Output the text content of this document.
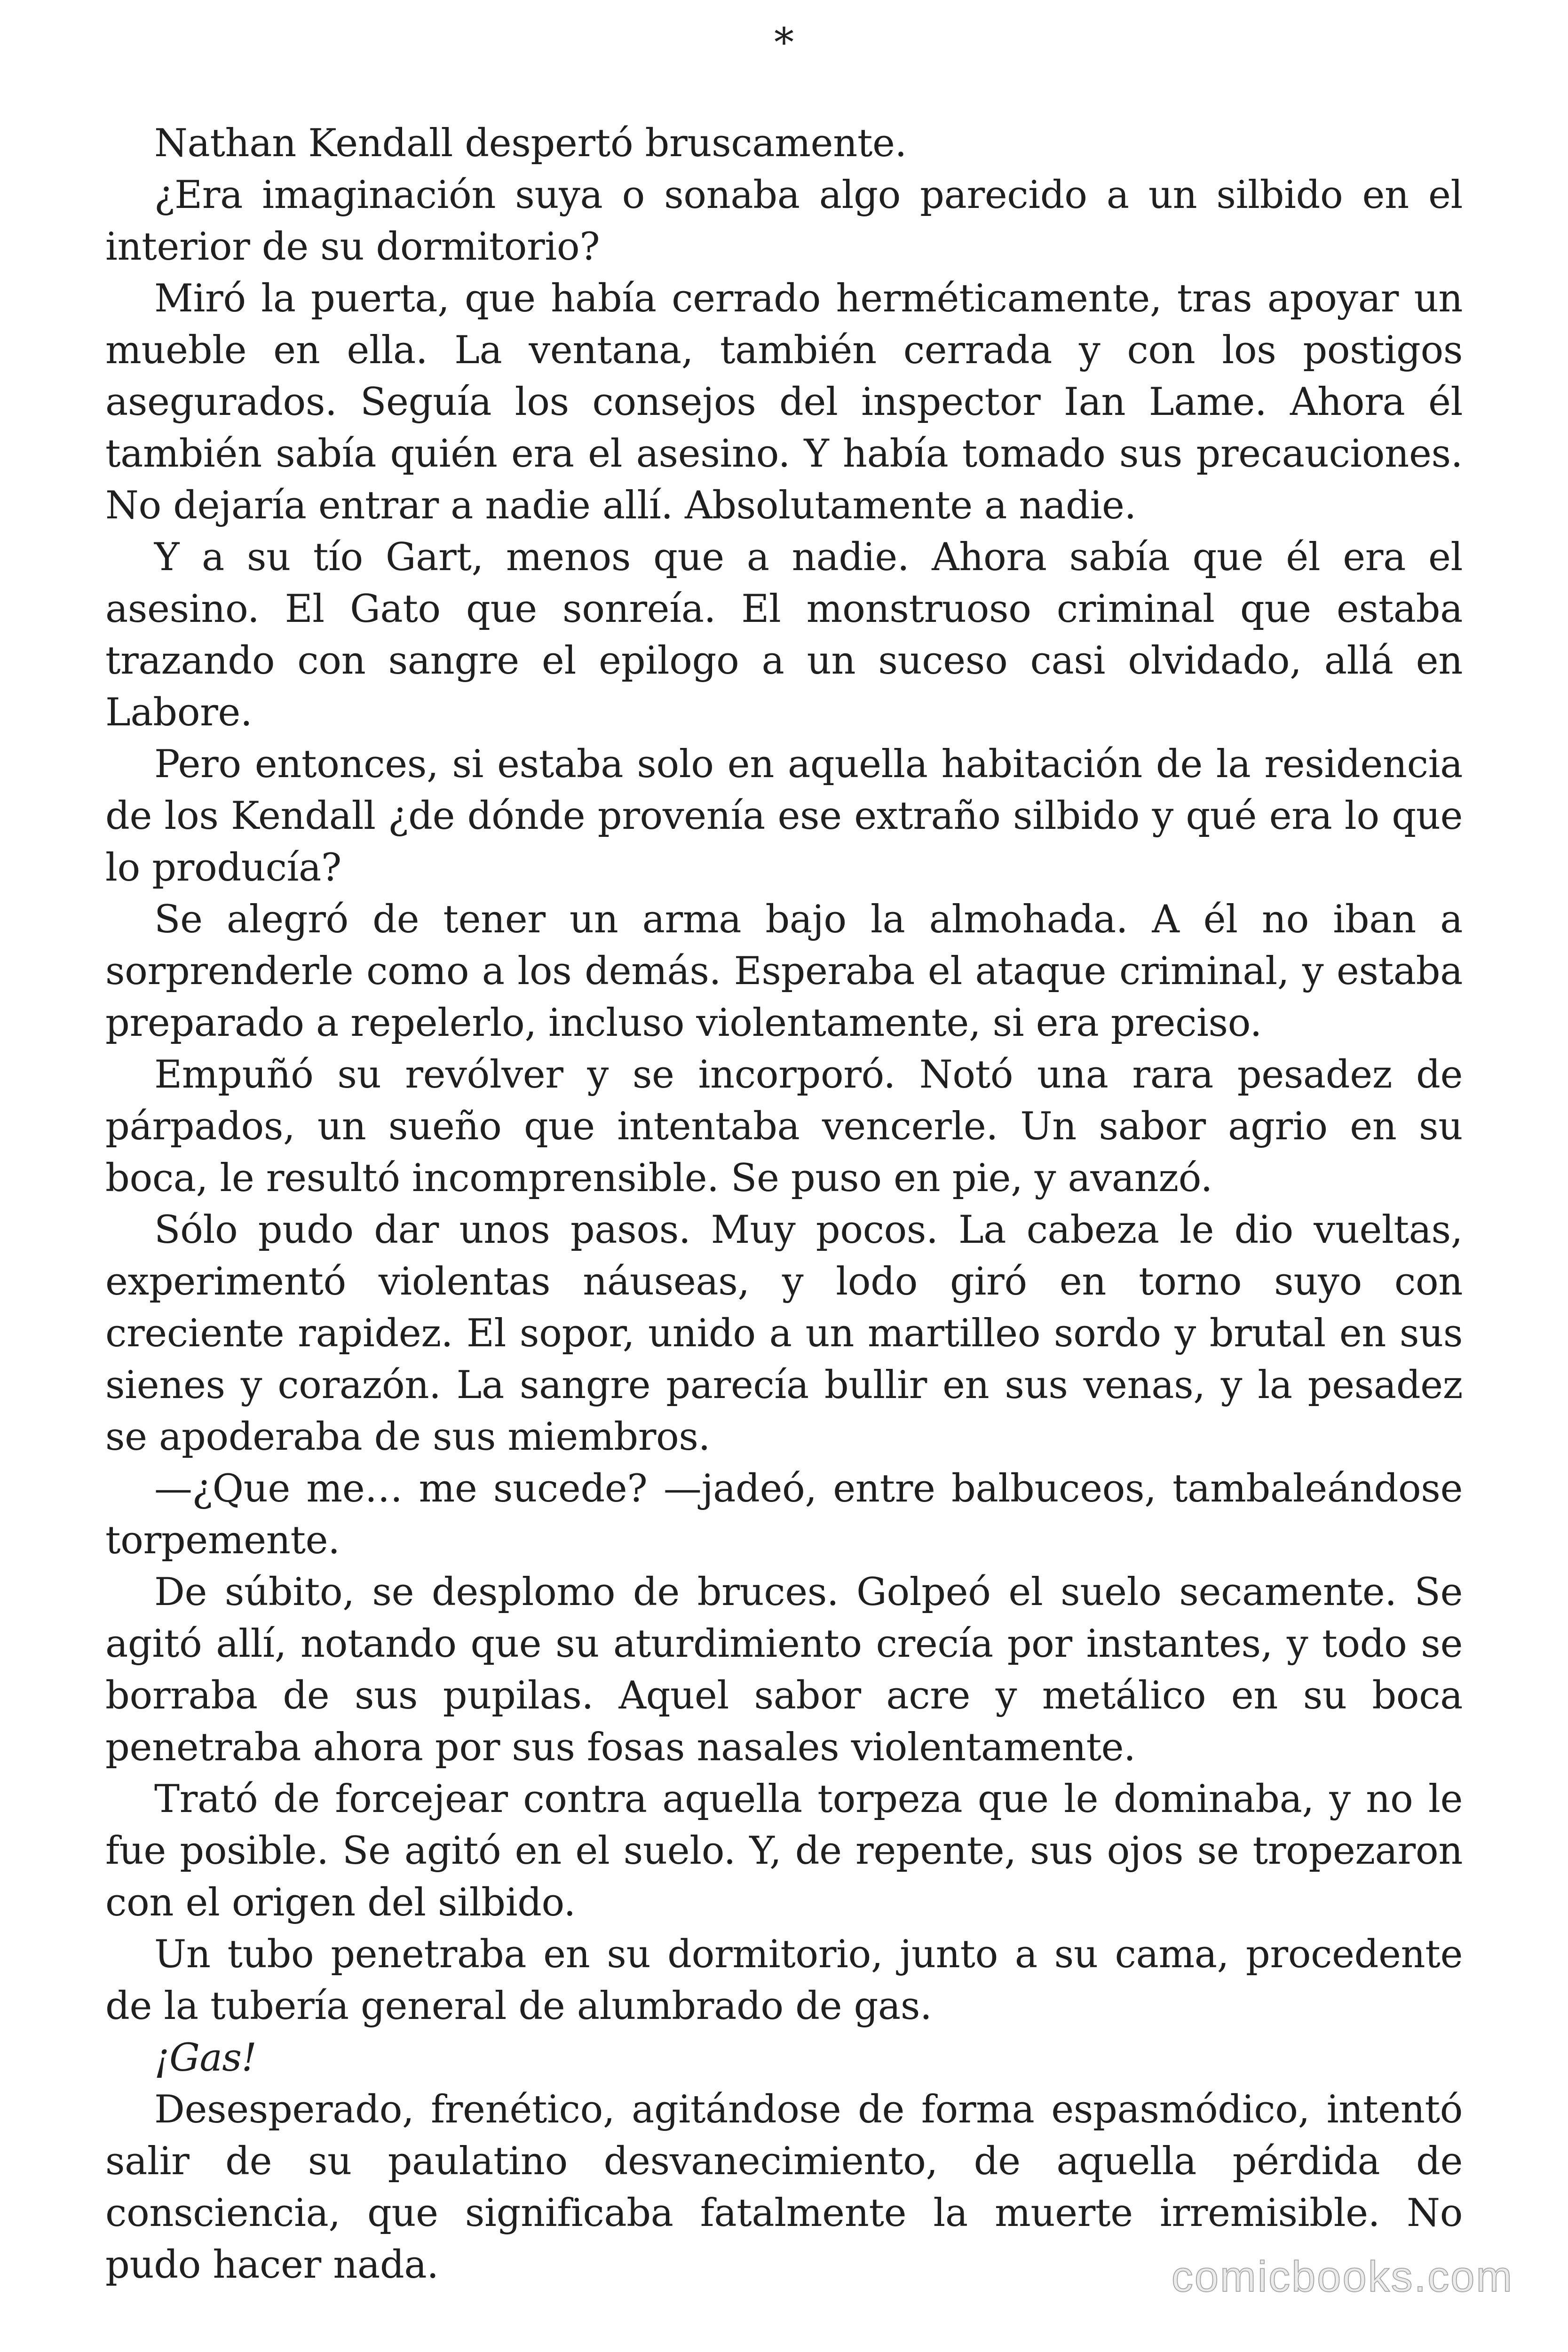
*

Nathan Kendall despertó bruscamente.

¿Era imaginación suya o sonaba algo parecido a un silbido en el interior de su dormitorio?

Miró la puerta, que había cerrado herméticamente, tras apoyar un mueble en ella. La ventana, también cerrada y con los postigos asegurados. Seguía los consejos del inspector Ian Lame. Ahora él también sabía quién era el asesino. Y había tomado sus precauciones. No dejaría entrar a nadie allí. Absolutamente a nadie.

Y a su tío Gart, menos que a nadie. Ahora sabía que él era el asesino. El Gato que sonreía. El monstruoso criminal que estaba trazando con sangre el epilogo a un suceso casi olvidado, allá en Labore.

Pero entonces, si estaba solo en aquella habitación de la residencia de los Kendall ¿de dónde provenía ese extraño silbido y qué era lo que lo producía?

Se alegró de tener un arma bajo la almohada. A él no iban a sorprenderle como a los demás. Esperaba el ataque criminal, y estaba preparado a repelerlo, incluso violentamente, si era preciso.

Empuñó su revólver y se incorporó. Notó una rara pesadez de párpados, un sueño que intentaba vencerle. Un sabor agrio en su boca, le resultó incomprensible. Se puso en pie, y avanzó.

Sólo pudo dar unos pasos. Muy pocos. La cabeza le dio vueltas, experimentó violentas náuseas, y lodo giró en torno suyo con creciente rapidez. El sopor, unido a un martilleo sordo y brutal en sus sienes y corazón. La sangre parecía bullir en sus venas, y la pesadez se apoderaba de sus miembros.

—¿Que me… me sucede? —jadeó, entre balbuceos, tambaleándose torpemente.

De súbito, se desplomo de bruces. Golpeó el suelo secamente. Se agitó allí, notando que su aturdimiento crecía por instantes, y todo se borraba de sus pupilas. Aquel sabor acre y metálico en su boca penetraba ahora por sus fosas nasales violentamente.

Trató de forcejear contra aquella torpeza que le dominaba, y no le fue posible. Se agitó en el suelo. Y, de repente, sus ojos se tropezaron con el origen del silbido.

Un tubo penetraba en su dormitorio, junto a su cama, procedente de la tubería general de alumbrado de gas.

¡Gas!

Desesperado, frenético, agitándose de forma espasmódico, intentó salir de su paulatino desvanecimiento, de aquella pérdida de consciencia, que significaba fatalmente la muerte irremisible. No pudo hacer nada.	comicbooks.com
